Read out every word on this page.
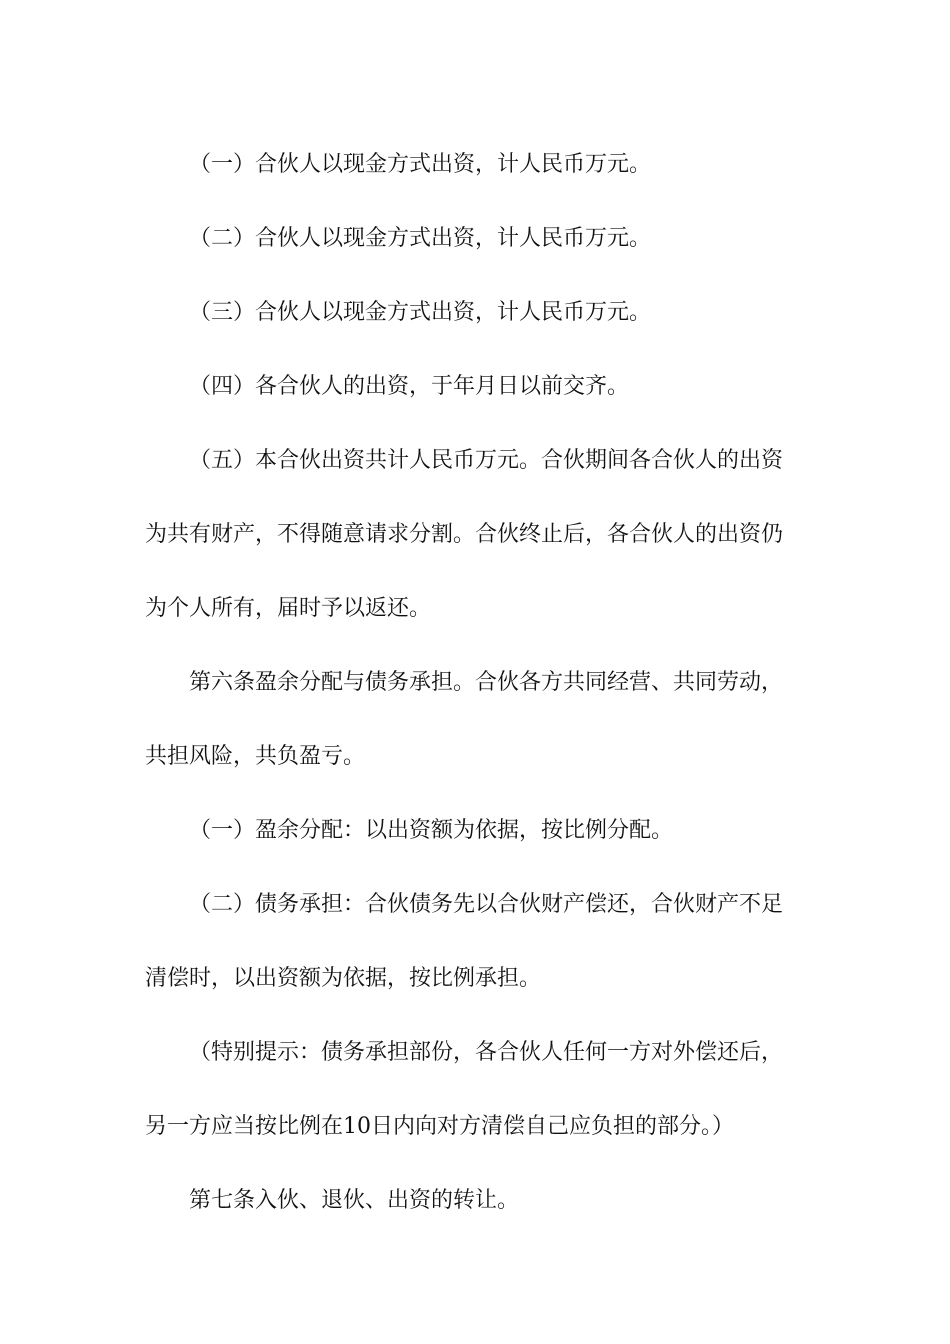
（一）合伙人以现金方式出资，计人民币万元。
（二）合伙人以现金方式出资，计人民币万元。
（三）合伙人以现金方式出资，计人民币万元。
（四）各合伙人的出资，于年月日以前交齐。
（五）本合伙出资共计人民币万元。合伙期间各合伙人的出资
为共有财产，不得随意请求分割。合伙终止后，各合伙人的出资仍
为个人所有，届时予以返还。
第六条盈余分配与债务承担。合伙各方共同经营、共同劳动，
共担风险，共负盈亏。
（一）盈余分配：以出资额为依据，按比例分配。
（二）债务承担：合伙债务先以合伙财产偿还，合伙财产不足
清偿时，以出资额为依据，按比例承担。
（特别提示：债务承担部份，各合伙人任何一方对外偿还后，
另一方应当按比例在10日内向对方清偿自己应负担的部分。）
第七条入伙、退伙、出资的转让。
